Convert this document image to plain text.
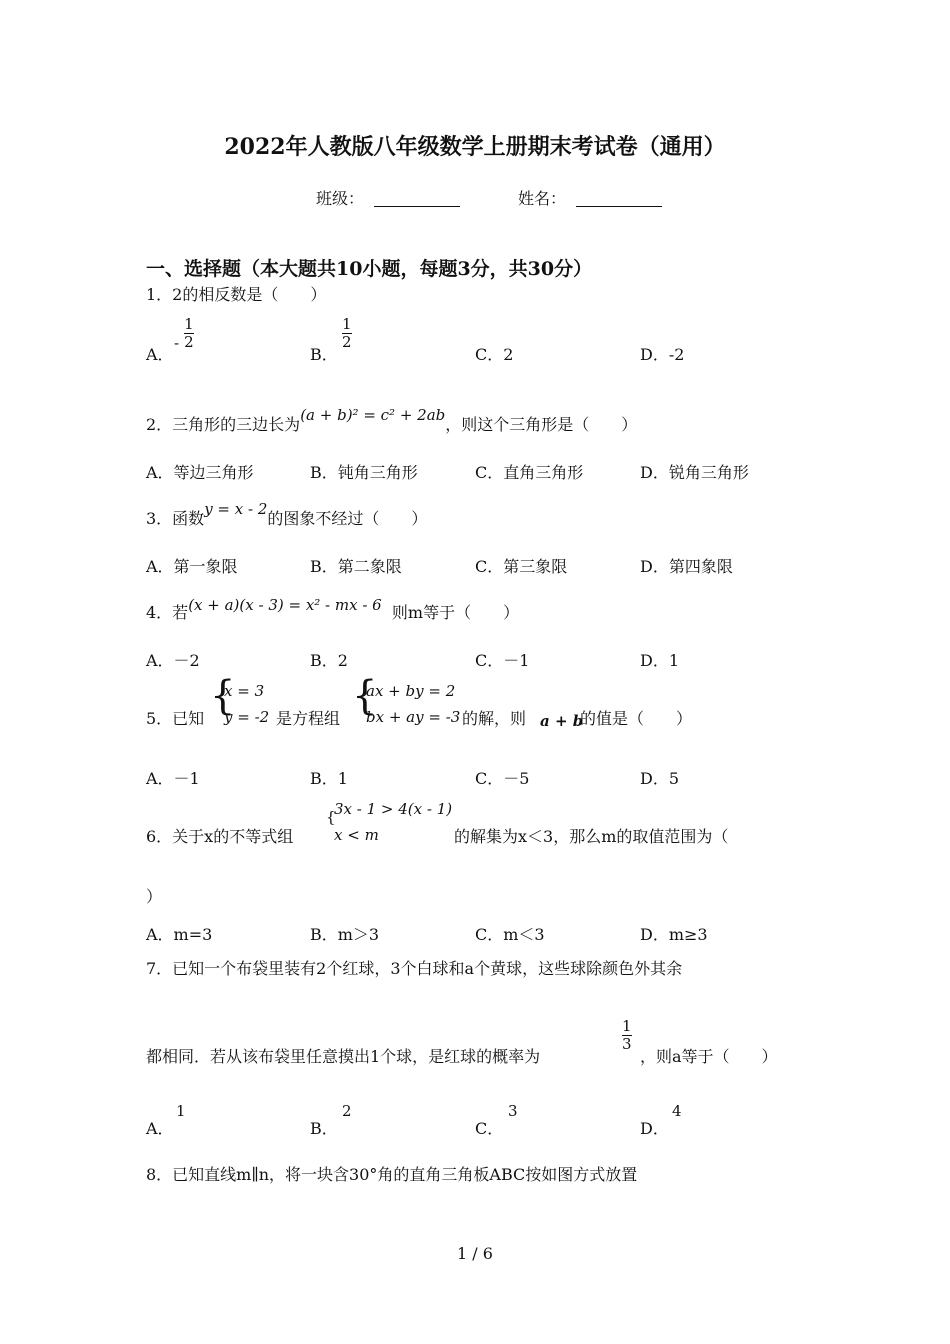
2022年人教版八年级数学上册期末考试卷（通用）
班级：	姓名：
一、选择题（本大题共10小题，每题3分，共30分）
1．2的相反数是（　　）
A．
- $\frac{1}{2}$
B．
$\frac{1}{2}$
C．2	D．-2
2．三角形的三边长为(a + b)² = c² + 2ab，则这个三角形是（　　）
A．等边三角形	B．钝角三角形	C．直角三角形	D．锐角三角形
3．函数y = x - 2的图象不经过（　　）
A．第一象限	B．第二象限	C．第三象限	D．第四象限
4．若(x + a)(x - 3) = x² - mx - 6 则m等于（　　）
A．－2	B．2	C．－1	D．1
5．已知 {
x = 3
y = -2 是方程组 {
ax + by = 2
bx + ay = -3 的解，则 a + b
的值是（　　）
A．－1	B．1	C．－5	D．5
6．关于x的不等式组
{
3x - 1 > 4(x - 1)
x < m	的解集为x＜3，那么m的取值范围为（
）
A．m=3	B．m＞3	C．m＜3	D．m≥3
7．已知一个布袋里装有2个红球，3个白球和a个黄球，这些球除颜色外其余
都相同．若从该布袋里任意摸出1个球，是红球的概率为
$\frac{1}{3}$
，则a等于（　　）
A．
1
B．
2
C．
3
D．
4
8．已知直线m∥n，将一块含30°角的直角三角板ABC按如图方式放置
1 / 6
